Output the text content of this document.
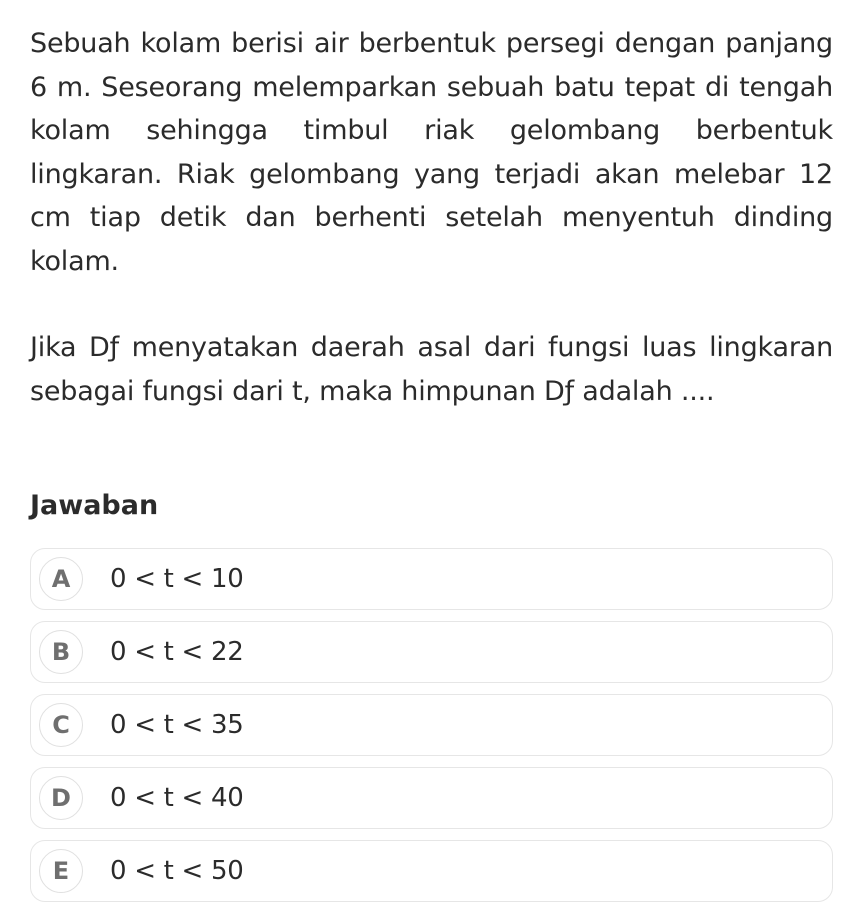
Sebuah kolam berisi air berbentuk persegi dengan panjang 6 m. Seseorang melemparkan sebuah batu tepat di tengah kolam sehingga timbul riak gelombang berbentuk lingkaran. Riak gelombang yang terjadi akan melebar 12 cm tiap detik dan berhenti setelah menyentuh dinding kolam.

Jika Dƒ menyatakan daerah asal dari fungsi luas lingkaran sebagai fungsi dari t, maka himpunan Dƒ adalah ....

Jawaban
A	0 < t < 10
B	0 < t < 22
C	0 < t < 35
D	0 < t < 40
E	0 < t < 50
